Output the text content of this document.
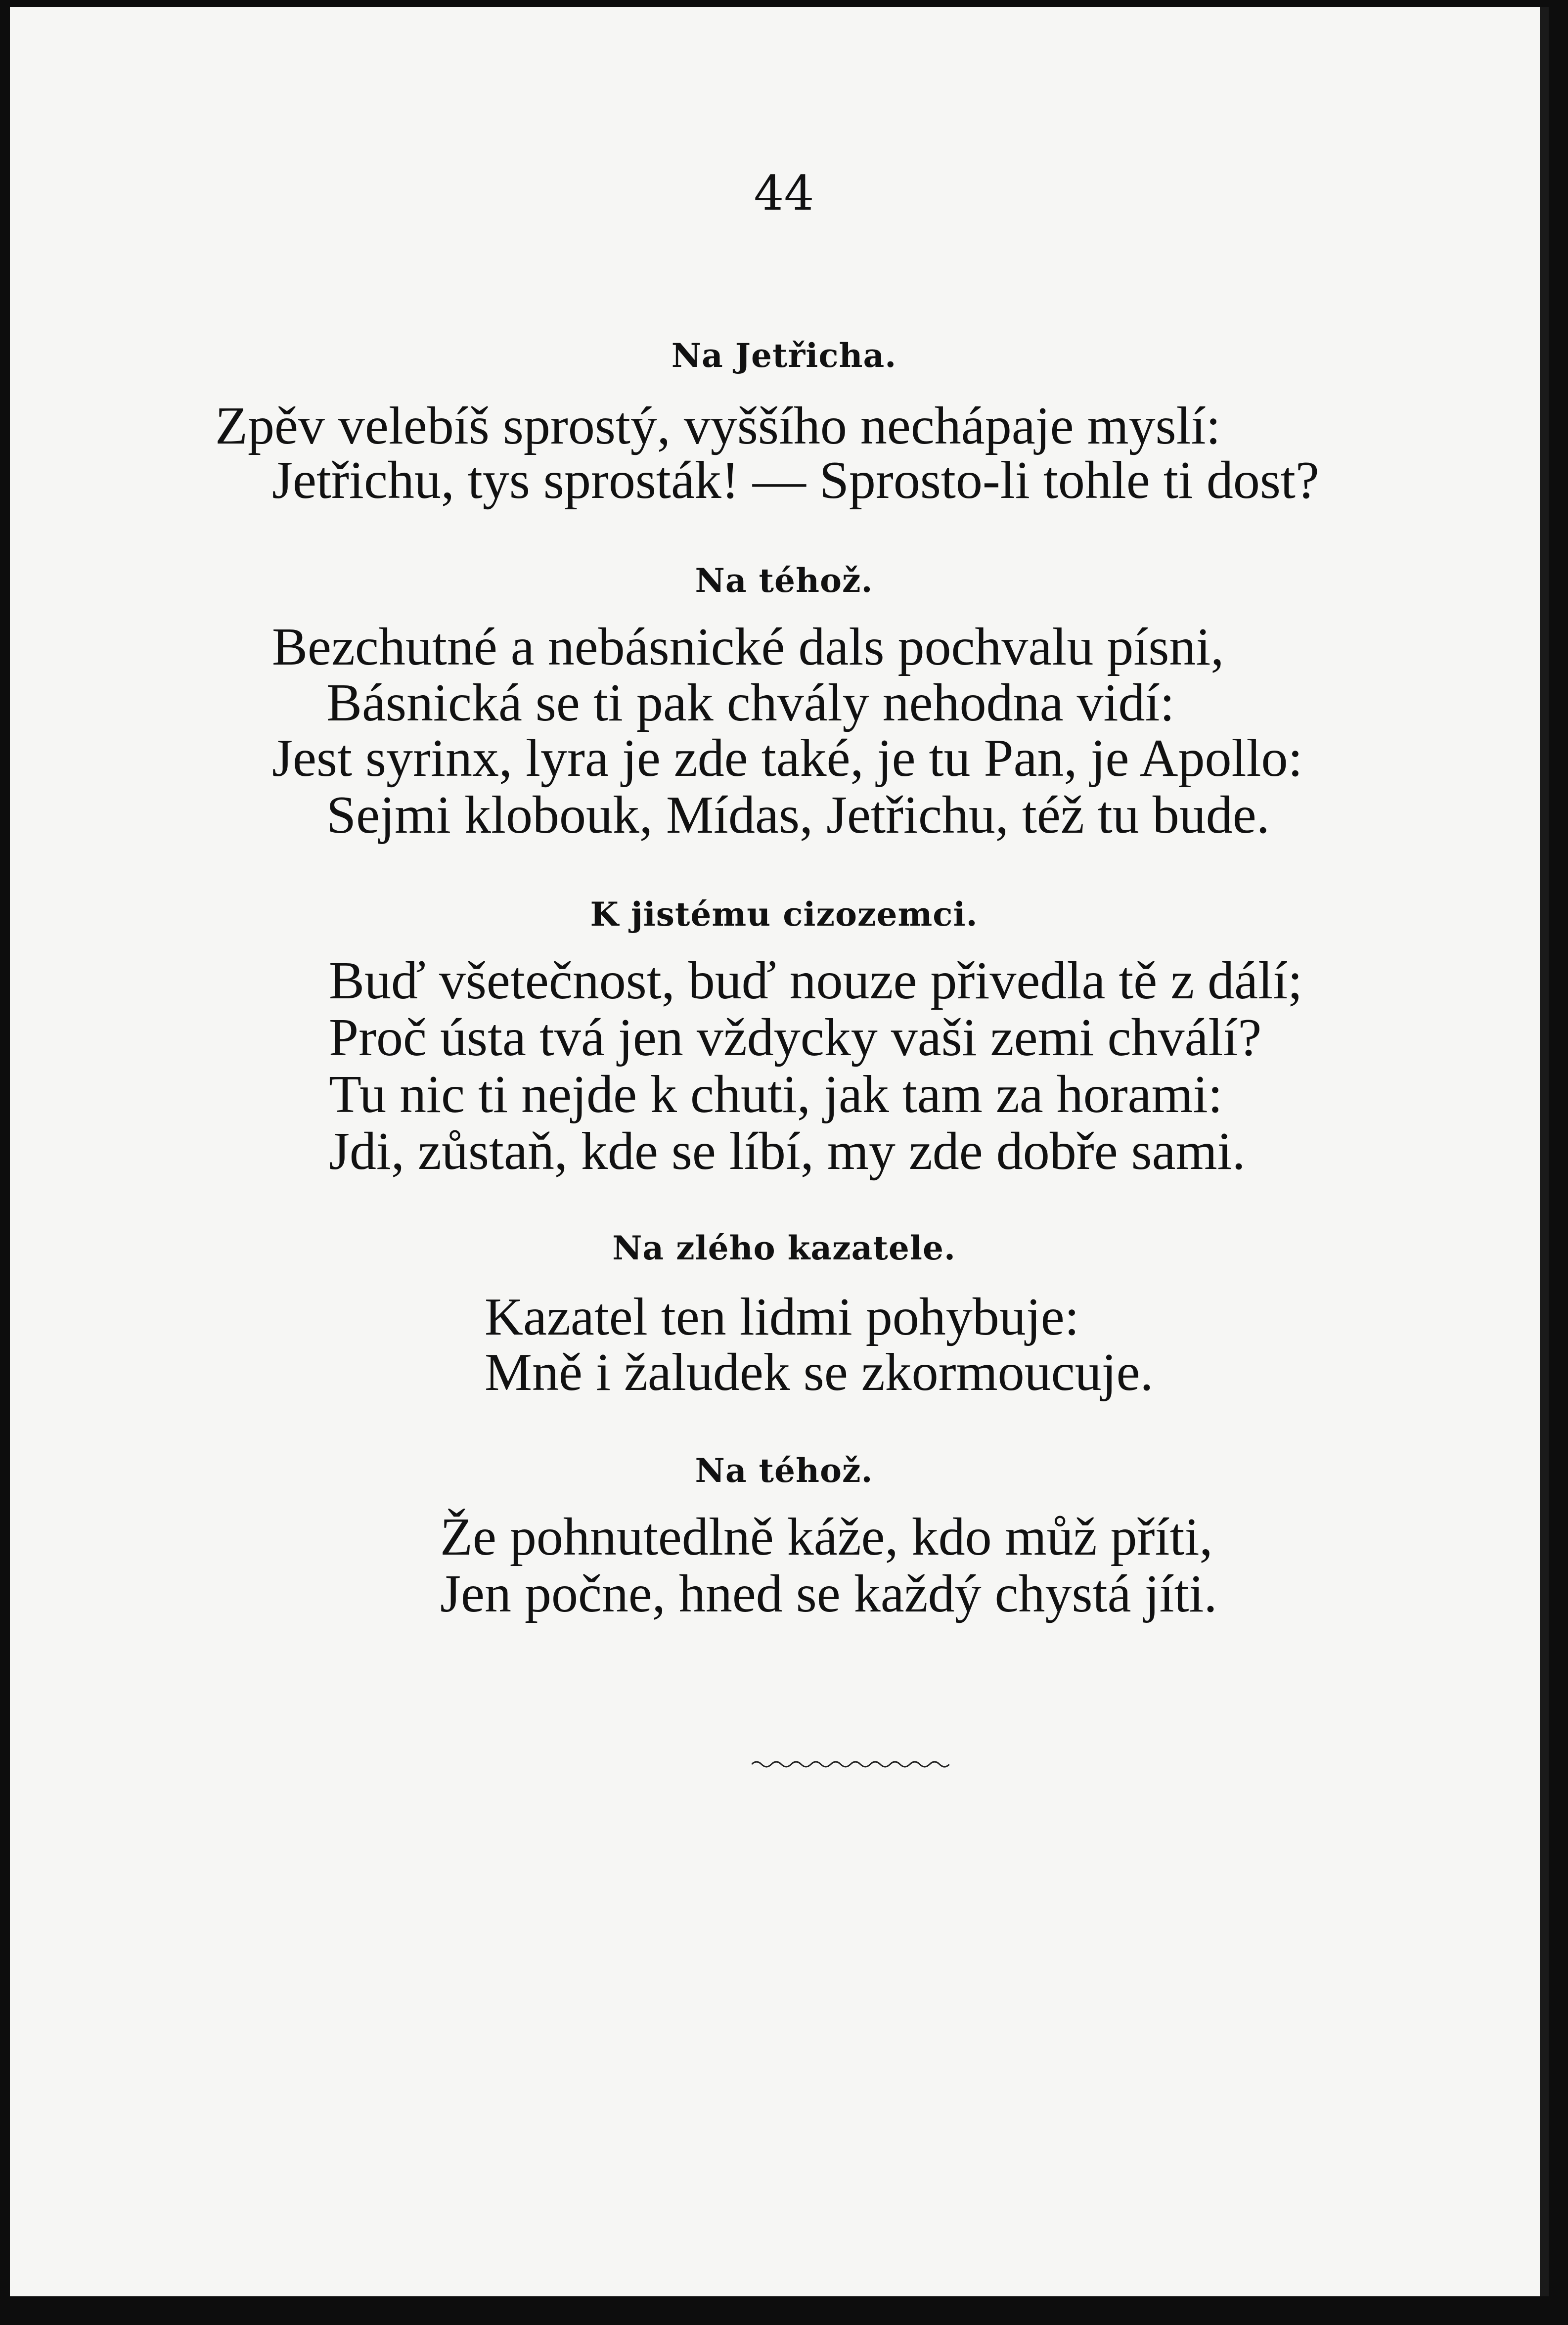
44
Na Jetřicha.
Zpěv velebíš sprostý, vyššího nechápaje myslí:
Jetřichu, tys sprosták! — Sprosto-li tohle ti dost?
Na téhož.
Bezchutné a nebásnické dals pochvalu písni,
Básnická se ti pak chvály nehodna vidí:
Jest syrinx, lyra je zde také, je tu Pan, je Apollo:
Sejmi klobouk, Mídas, Jetřichu, též tu bude.
K jistému cizozemci.
Buď všetečnost, buď nouze přivedla tě z dálí;
Proč ústa tvá jen vždycky vaši zemi chválí?
Tu nic ti nejde k chuti, jak tam za horami:
Jdi, zůstaň, kde se líbí, my zde dobře sami.
Na zlého kazatele.
Kazatel ten lidmi pohybuje:
Mně i žaludek se zkormoucuje.
Na téhož.
Že pohnutedlně káže, kdo můž příti,
Jen počne, hned se každý chystá jíti.
